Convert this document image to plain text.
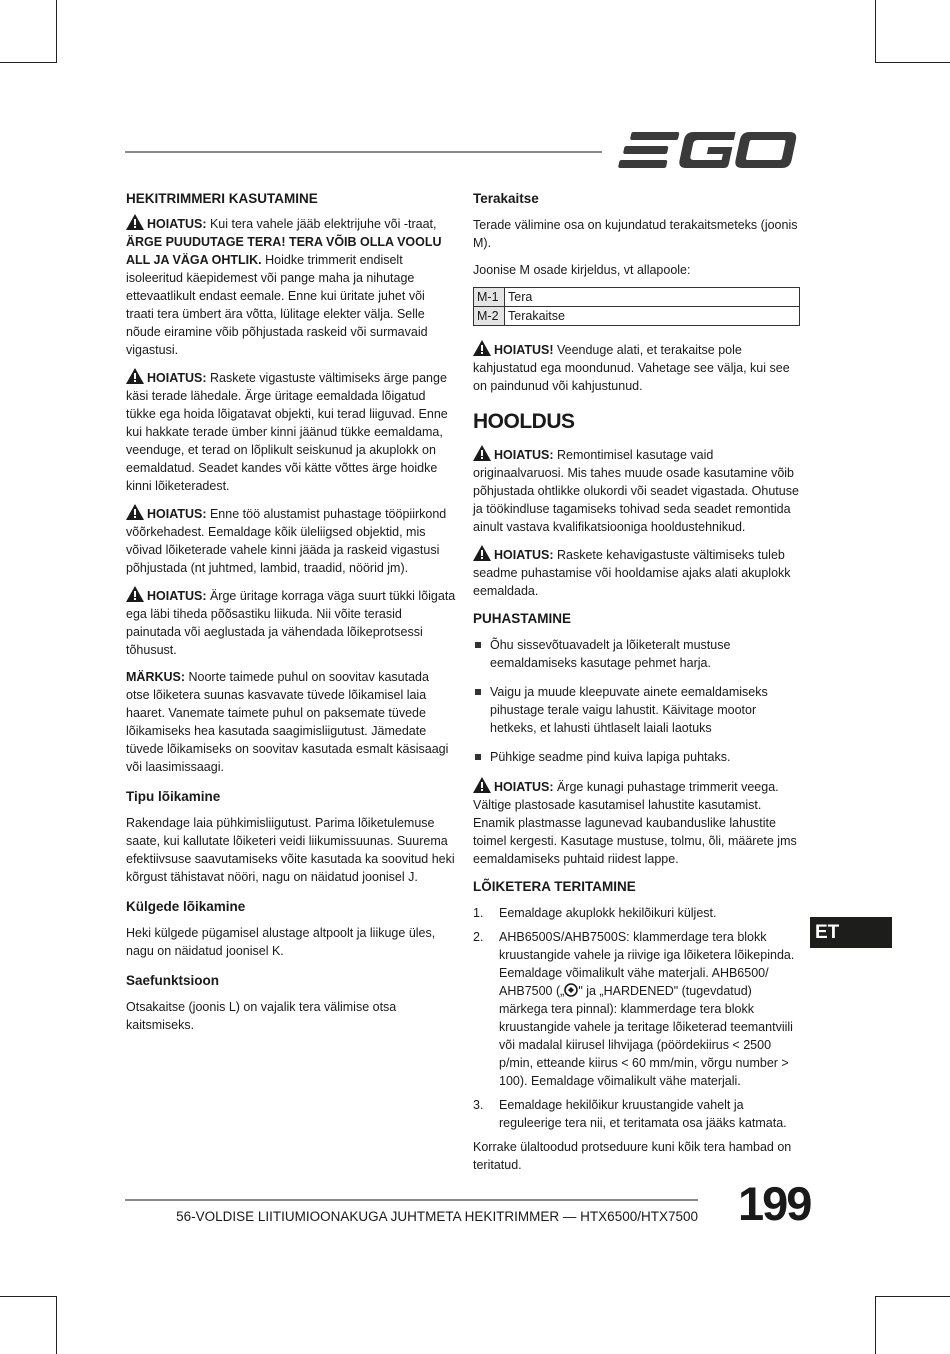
HEKITRIMMERI KASUTAMINE

HOIATUS: Kui tera vahele jääb elektrijuhe või -traat, ÄRGE PUUDUTAGE TERA! TERA VÕIB OLLA VOOLU ALL JA VÄGA OHTLIK. Hoidke trimmerit endiselt isoleeritud käepidemest või pange maha ja nihutage ettevaatlikult endast eemale. Enne kui üritate juhet või traati tera ümbert ära võtta, lülitage elekter välja. Selle nõude eiramine võib põhjustada raskeid või surmavaid vigastusi.

HOIATUS: Raskete vigastuste vältimiseks ärge pange käsi terade lähedale. Ärge üritage eemaldada lõigatud tükke ega hoida lõigatavat objekti, kui terad liiguvad. Enne kui hakkate terade ümber kinni jäänud tükke eemaldama, veenduge, et terad on lõplikult seiskunud ja akuplokk on eemaldatud. Seadet kandes või kätte võttes ärge hoidke kinni lõiketeradest.

HOIATUS: Enne töö alustamist puhastage tööpiirkond võõrkehadest. Eemaldage kõik üleliigsed objektid, mis võivad lõiketerade vahele kinni jääda ja raskeid vigastusi põhjustada (nt juhtmed, lambid, traadid, nöörid jm).

HOIATUS: Ärge üritage korraga väga suurt tükki lõigata ega läbi tiheda põõsastiku liikuda. Nii võite terasid painutada või aeglustada ja vähendada lõikeprotsessi tõhusust.

MÄRKUS: Noorte taimede puhul on soovitav kasutada otse lõiketera suunas kasvavate tüvede lõikamisel laia haaret. Vanemate taimete puhul on paksemate tüvede lõikamiseks hea kasutada saagimisliigutust. Jämedate tüvede lõikamiseks on soovitav kasutada esmalt käsisaagi või laasimissaagi.

Tipu lõikamine

Rakendage laia pühkimisliigutust. Parima lõiketulemuse saate, kui kallutate lõiketeri veidi liikumissuunas. Suurema efektiivsuse saavutamiseks võite kasutada ka soovitud heki kõrgust tähistavat nööri, nagu on näidatud joonisel J.

Külgede lõikamine

Heki külgede pügamisel alustage altpoolt ja liikuge üles, nagu on näidatud joonisel K.

Saefunktsioon

Otsakaitse (joonis L) on vajalik tera välimise otsa kaitsmiseks.

Terakaitse

Terade välimine osa on kujundatud terakaitsmeteks (joonis M).

Joonise M osade kirjeldus, vt allapoole:

M-1	Tera
M-2	Terakaitse

HOIATUS! Veenduge alati, et terakaitse pole kahjustatud ega moondunud. Vahetage see välja, kui see on paindunud või kahjustunud.

HOOLDUS

HOIATUS: Remontimisel kasutage vaid originaalvaruosi. Mis tahes muude osade kasutamine võib põhjustada ohtlikke olukordi või seadet vigastada. Ohutuse ja töökindluse tagamiseks tohivad seda seadet remontida ainult vastava kvalifikatsiooniga hooldustehnikud.

HOIATUS: Raskete kehavigastuste vältimiseks tuleb seadme puhastamise või hooldamise ajaks alati akuplokk eemaldada.

PUHASTAMINE
Õhu sissevõtuavadelt ja lõiketeralt mustuse eemaldamiseks kasutage pehmet harja.
Vaigu ja muude kleepuvate ainete eemaldamiseks pihustage terale vaigu lahustit. Käivitage mootor hetkeks, et lahusti ühtlaselt laiali laotuks
Pühkige seadme pind kuiva lapiga puhtaks.

HOIATUS: Ärge kunagi puhastage trimmerit veega. Vältige plastosade kasutamisel lahustite kasutamist. Enamik plastmasse lagunevad kaubanduslike lahustite toimel kergesti. Kasutage mustuse, tolmu, õli, määrete jms eemaldamiseks puhtaid riidest lappe.

LÕIKETERA TERITAMINE
1. Eemaldage akuplokk hekilõikuri küljest.
2. AHB6500S/AHB7500S: klammerdage tera blokk kruustangide vahele ja riivige iga lõiketera lõikepinda. Eemaldage võimalikult vähe materjali. AHB6500/ AHB7500 („ " ja „HARDENED" (tugevdatud) märkega tera pinnal): klammerdage tera blokk kruustangide vahele ja teritage lõiketerad teemantviili või madalal kiirusel lihvijaga (pöördekiirus < 2500 p/min, etteande kiirus < 60 mm/min, võrgu number > 100). Eemaldage võimalikult vähe materjali.
3. Eemaldage hekilõikur kruustangide vahelt ja reguleerige tera nii, et teritamata osa jääks katmata.

Korrake ülaltoodud protseduure kuni kõik tera hambad on teritatud.

ET
56-VOLDISE LIITIUMIOONAKUGA JUHTMETA HEKITRIMMER — HTX6500/HTX7500 199
